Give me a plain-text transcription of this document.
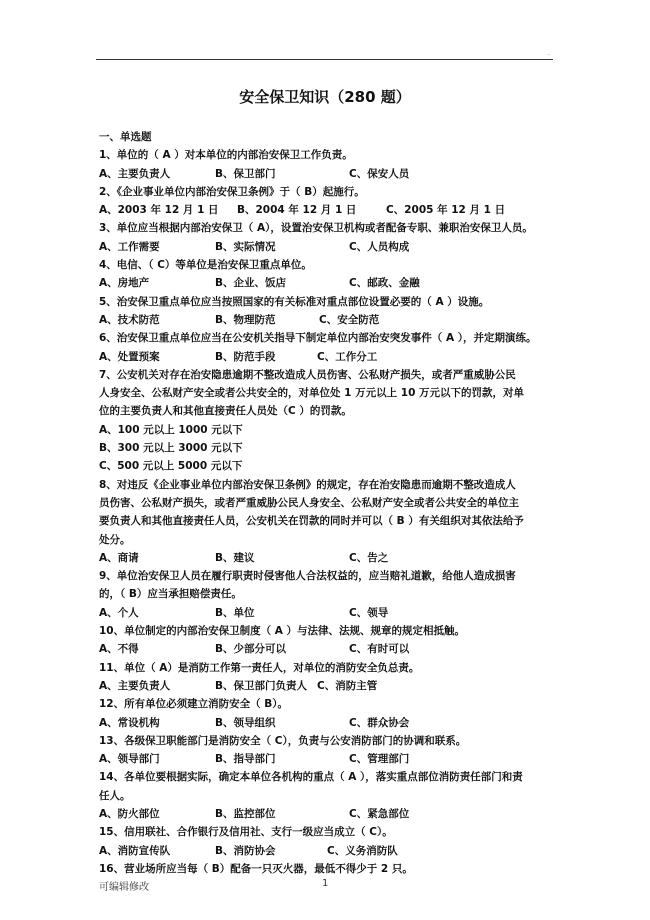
.
安全保卫知识（280 题）
一、单选题
1、单位的（ A ）对本单位的内部治安保卫工作负责。
A、主要负责人	B、保卫部门	C、保安人员
2、《企业事业单位内部治安保卫条例》于（ B）起施行。
A、2003 年 12 月 1 日 B、2004 年 12 月 1 日	C、2005 年 12 月 1 日
3、单位应当根据内部治安保卫（ A），设置治安保卫机构或者配备专职、兼职治安保卫人员。
A、工作需要	B、实际情况	C、人员构成
4、电信、（ C）等单位是治安保卫重点单位。
A、房地产	B、企业、饭店	C、邮政、金融
5、治安保卫重点单位应当按照国家的有关标准对重点部位设置必要的（ A ）设施。
A、技术防范	B、物理防范	C、安全防范
6、治安保卫重点单位应当在公安机关指导下制定单位内部治安突发事件（ A ），并定期演练。
A、处置预案	B、防范手段	C、工作分工
7、公安机关对存在治安隐患逾期不整改造成人员伤害、公私财产损失，或者严重威胁公民
人身安全、公私财产安全或者公共安全的，对单位处 1 万元以上 10 万元以下的罚款，对单
位的主要负责人和其他直接责任人员处（C ）的罚款。
A、100 元以上 1000 元以下
B、300 元以上 3000 元以下
C、500 元以上 5000 元以下
8、对违反《企业事业单位内部治安保卫条例》的规定，存在治安隐患而逾期不整改造成人
员伤害、公私财产损失，或者严重威胁公民人身安全、公私财产安全或者公共安全的单位主
要负责人和其他直接责任人员，公安机关在罚款的同时并可以（ B ）有关组织对其依法给予
处分。
A、商请	B、建议	C、告之
9、单位治安保卫人员在履行职责时侵害他人合法权益的，应当赔礼道歉，给他人造成损害
的，（ B）应当承担赔偿责任。
A、个人	B、单位	C、领导
10、单位制定的内部治安保卫制度（ A ）与法律、法规、规章的规定相抵触。
A、不得	B、少部分可以	C、有时可以
11、单位（ A）是消防工作第一责任人，对单位的消防安全负总责。
A、主要负责人	B、保卫部门负责人 C、消防主管
12、所有单位必须建立消防安全（ B）。
A、常设机构	B、领导组织	C、群众协会
13、各级保卫职能部门是消防安全（ C），负责与公安消防部门的协调和联系。
A、领导部门	B、指导部门	C、管理部门
14、各单位要根据实际，确定本单位各机构的重点（ A ），落实重点部位消防责任部门和责
任人。
A、防火部位	B、监控部位	C、紧急部位
15、信用联社、合作银行及信用社、支行一级应当成立（ C）。
A、消防宣传队	B、消防协会	C、义务消防队
16、营业场所应当每（ B）配备一只灭火器，最低不得少于 2 只。
可编辑修改	1
